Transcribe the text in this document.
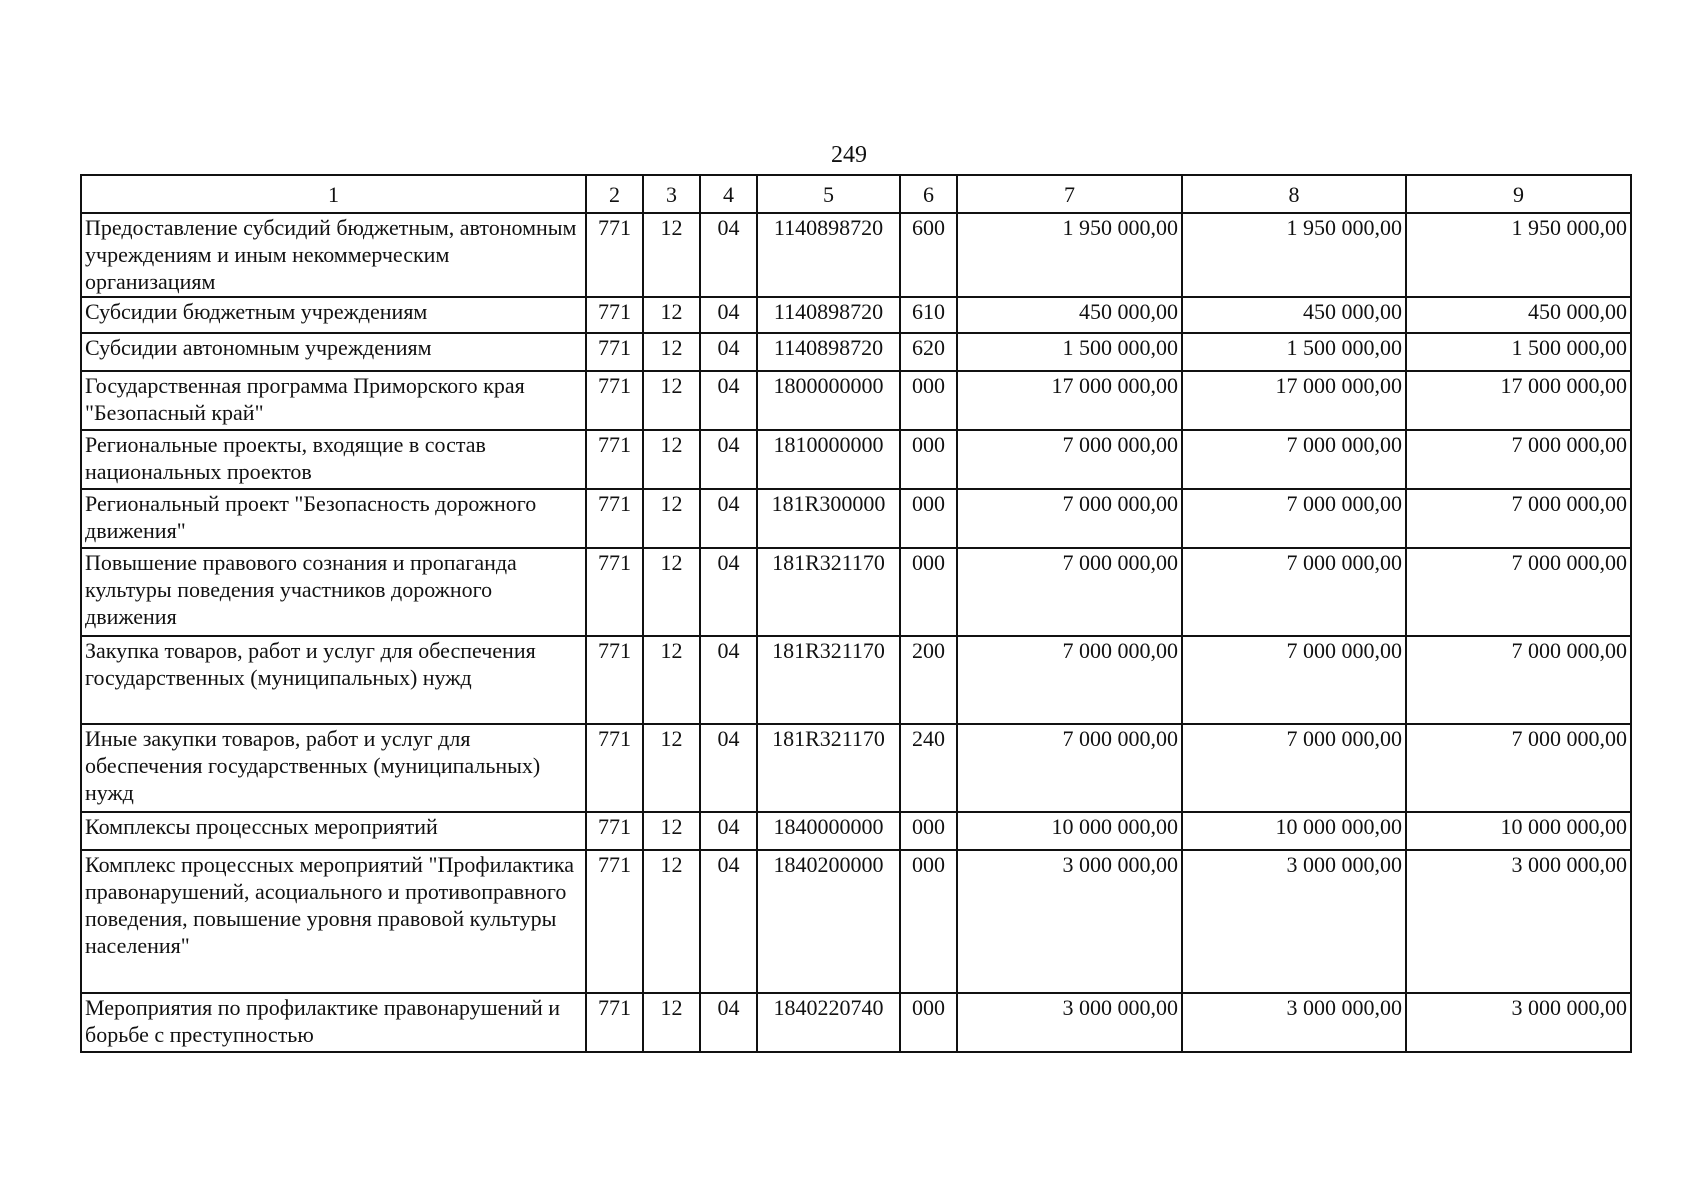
249
1	2	3	4	5	6	7	8	9
Предоставление субсидий бюджетным, автономным учреждениям и иным некоммерческим организациям	771	12	04	1140898720	600	1 950 000,00	1 950 000,00	1 950 000,00
Субсидии бюджетным учреждениям	771	12	04	1140898720	610	450 000,00	450 000,00	450 000,00
Субсидии автономным учреждениям	771	12	04	1140898720	620	1 500 000,00	1 500 000,00	1 500 000,00
Государственная программа Приморского края "Безопасный край"	771	12	04	1800000000	000	17 000 000,00	17 000 000,00	17 000 000,00
Региональные проекты, входящие в состав национальных проектов	771	12	04	1810000000	000	7 000 000,00	7 000 000,00	7 000 000,00
Региональный проект "Безопасность дорожного движения"	771	12	04	181R300000	000	7 000 000,00	7 000 000,00	7 000 000,00
Повышение правового сознания и пропаганда культуры поведения участников дорожного движения	771	12	04	181R321170	000	7 000 000,00	7 000 000,00	7 000 000,00
Закупка товаров, работ и услуг для обеспечения государственных (муниципальных) нужд	771	12	04	181R321170	200	7 000 000,00	7 000 000,00	7 000 000,00
Иные закупки товаров, работ и услуг для обеспечения государственных (муниципальных) нужд	771	12	04	181R321170	240	7 000 000,00	7 000 000,00	7 000 000,00
Комплексы процессных мероприятий	771	12	04	1840000000	000	10 000 000,00	10 000 000,00	10 000 000,00
Комплекс процессных мероприятий "Профилактика правонарушений, асоциального и противоправного поведения, повышение уровня правовой культуры населения"	771	12	04	1840200000	000	3 000 000,00	3 000 000,00	3 000 000,00
Мероприятия по профилактике правонарушений и борьбе с преступностью	771	12	04	1840220740	000	3 000 000,00	3 000 000,00	3 000 000,00
